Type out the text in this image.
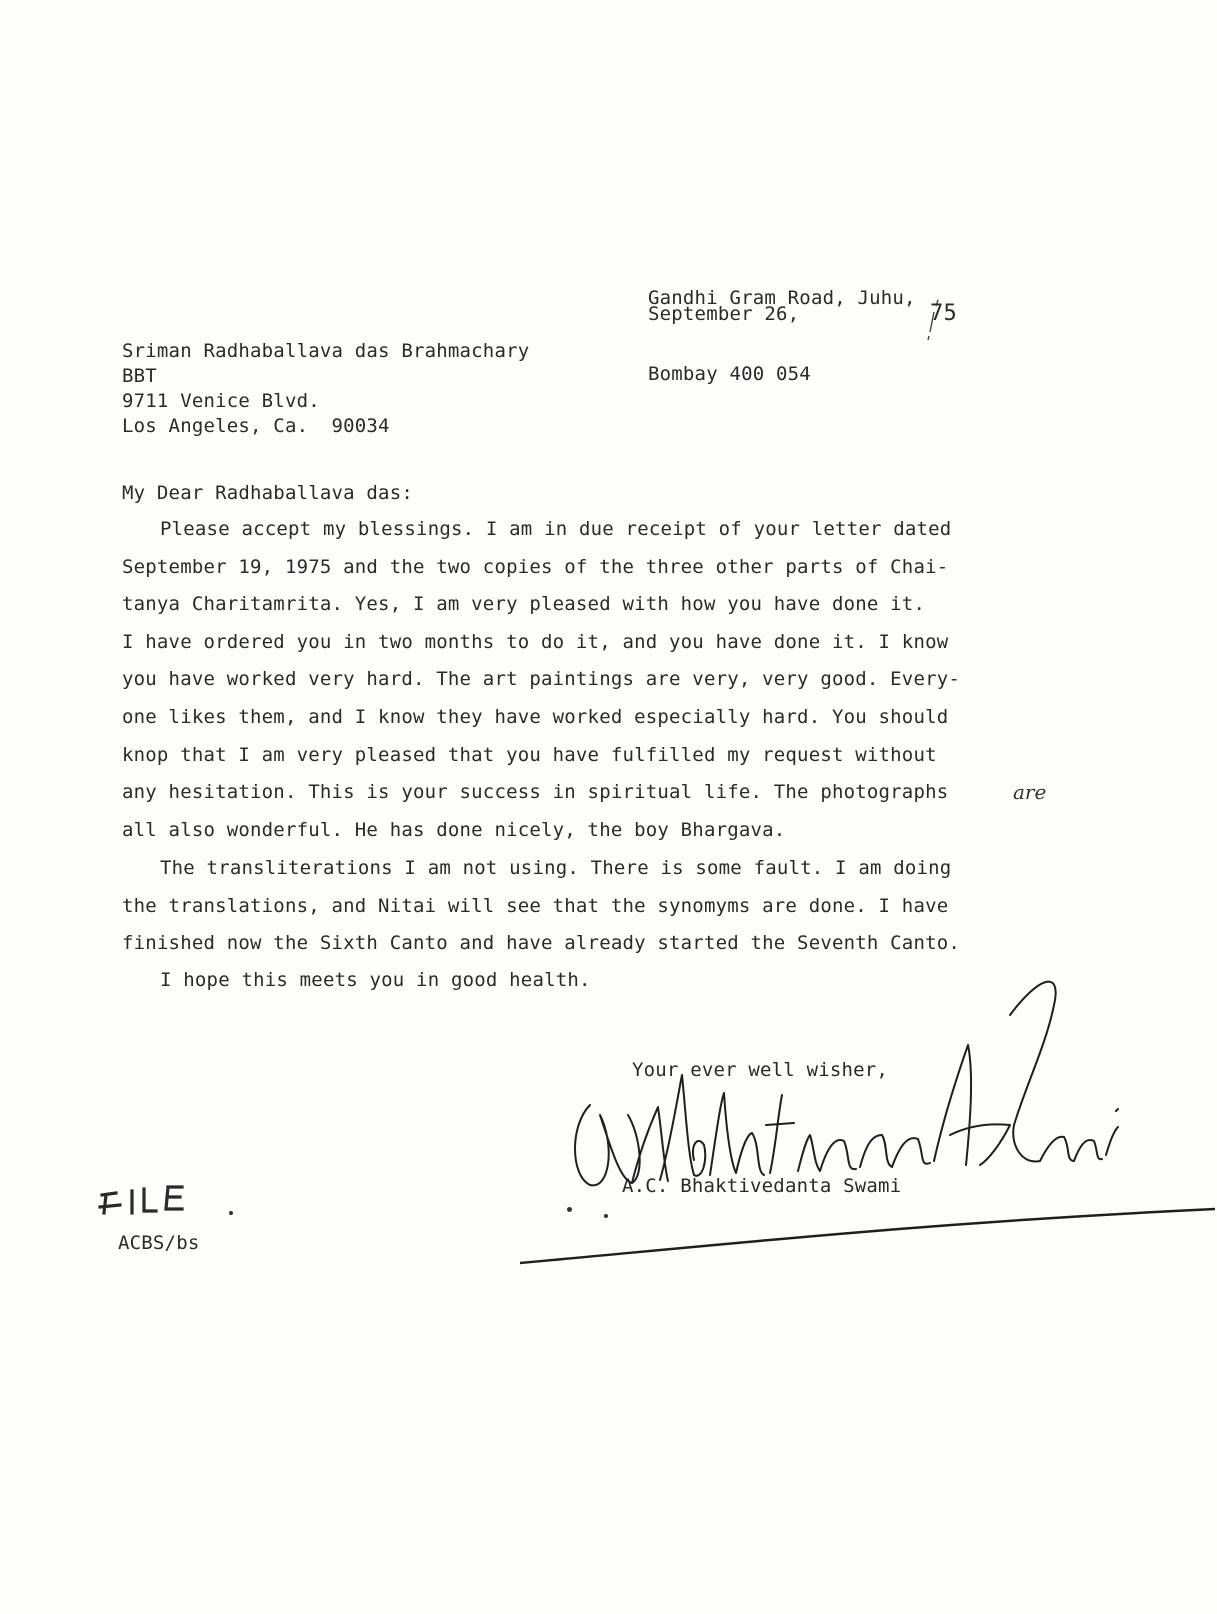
Gandhi Gram Road, Juhu,

Bombay 400 054

September 26,	75
Sriman Radhaballava das Brahmachary
BBT
9711 Venice Blvd.
Los Angeles, Ca.  90034
My Dear Radhaballava das:
Please accept my blessings. I am in due receipt of your letter dated
September 19, 1975 and the two copies of the three other parts of Chai-
tanya Charitamrita. Yes, I am very pleased with how you have done it.
I have ordered you in two months to do it, and you have done it. I know
you have worked very hard. The art paintings are very, very good. Every-
one likes them, and I know they have worked especially hard. You should
knop that I am very pleased that you have fulfilled my request without
any hesitation. This is your success in spiritual life. The photographs
all also wonderful. He has done nicely, the boy Bhargava.
are
The transliterations I am not using. There is some fault. I am doing
the translations, and Nitai will see that the synomyms are done. I have
finished now the Sixth Canto and have already started the Seventh Canto.
I hope this meets you in good health.
Your ever well wisher,
A.C. Bhaktivedanta Swami
ACBS/bs
